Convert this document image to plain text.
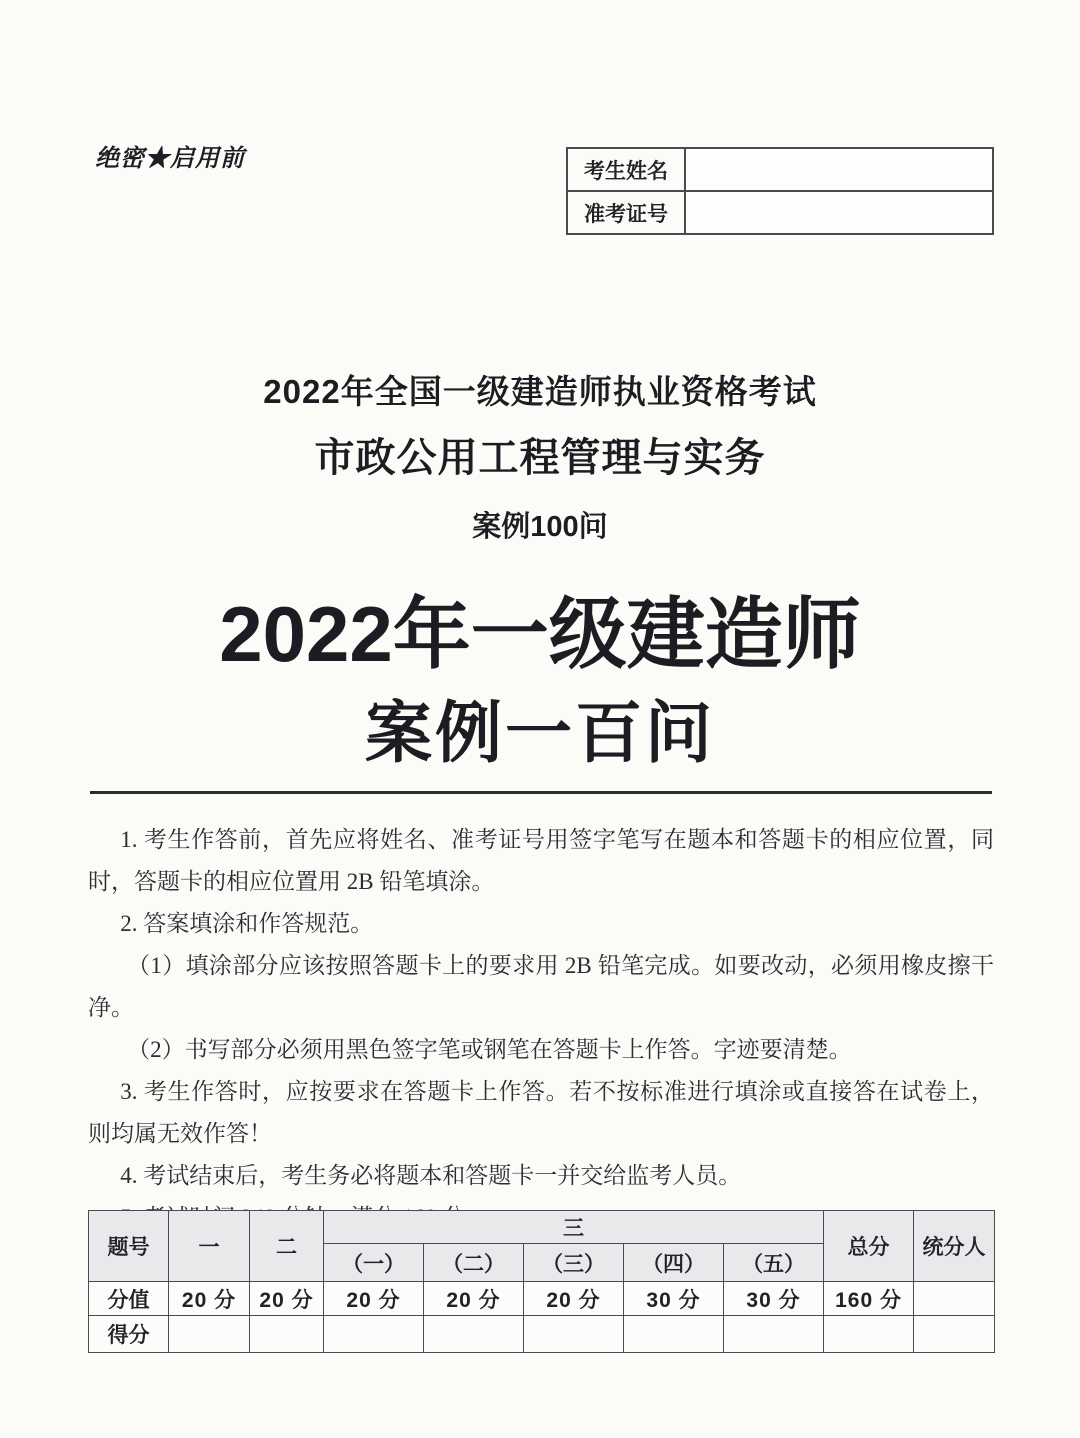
绝密★启用前	考生姓名	
准考证号	
2022年全国一级建造师执业资格考试
市政公用工程管理与实务
案例100问
2022年一级建造师
案例一百问

1. 考生作答前，首先应将姓名、准考证号用签字笔写在题本和答题卡的相应位置，同时，答题卡的相应位置用 2B 铅笔填涂。

2. 答案填涂和作答规范。

（1）填涂部分应该按照答题卡上的要求用 2B 铅笔完成。如要改动，必须用橡皮擦干净。

（2）书写部分必须用黑色签字笔或钢笔在答题卡上作答。字迹要清楚。

3. 考生作答时，应按要求在答题卡上作答。若不按标准进行填涂或直接答在试卷上，则均属无效作答！

4. 考试结束后，考生务必将题本和答题卡一并交给监考人员。

题号	一	二	三					总分	统分人
			（一）	（二）	（三）	（四）	（五）		
分值	20 分	20 分	20 分	20 分	20 分	30 分	30 分	160 分	
得分									
